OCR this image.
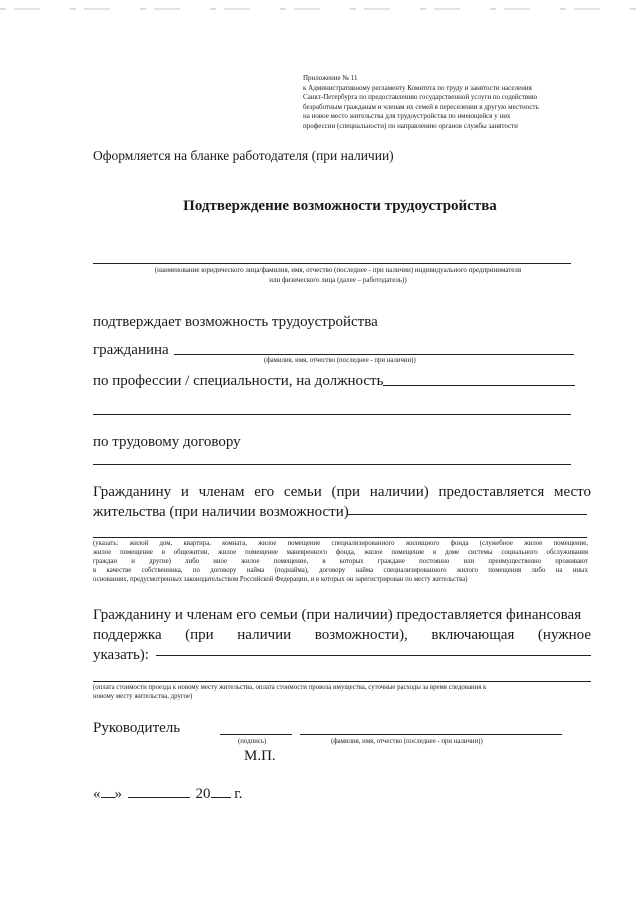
Приложение № 11
к Административному регламенту Комитета по труду и занятости населения
Санкт-Петербурга по предоставлению государственной услуги по содействию
безработным гражданам и членам их семей в переселении в другую местность
на новое место жительства для трудоустройства по имеющейся у них
профессии (специальности) по направлению органов службы занятости
Оформляется на бланке работодателя (при наличии)
Подтверждение возможности трудоустройства
(наименование юридического лица/фамилия, имя, отчество (последнее - при наличии) индивидуального предпринимателя
или физического лица (далее – работодатель))
подтверждает возможность трудоустройства
гражданина
(фамилия, имя, отчество (последнее - при наличии))
по профессии / специальности, на должность
по трудовому договору
Гражданину и членам его семьи (при наличии) предоставляется место
жительства (при наличии возможности)
(указать: жилой дом, квартира, комната, жилое помещение специализированного жилищного фонда (служебное жилое помещение,
жилое помещение в общежитии, жилое помещение маневренного фонда, жилое помещение в доме системы социального обслуживания
граждан и другие) либо иное жилое помещение, в которых граждане постоянно или преимущественно проживают
в качестве собственника, по договору найма (поднайма), договору найма специализированного жилого помещения либо на иных
основаниях, предусмотренных законодательством Российской Федерации, и в которых он зарегистрирован по месту жительства)
Гражданину и членам его семьи (при наличии) предоставляется финансовая
поддержка (при наличии возможности), включающая (нужное
указать):
(оплата стоимости проезда к новому месту жительства, оплата стоимости провоза имущества, суточные расходы за время следования к
новому месту жительства, другое)
Руководитель
(подпись)	(фамилия, имя, отчество (последнее - при наличии))
М.П.
« »	20 г.
